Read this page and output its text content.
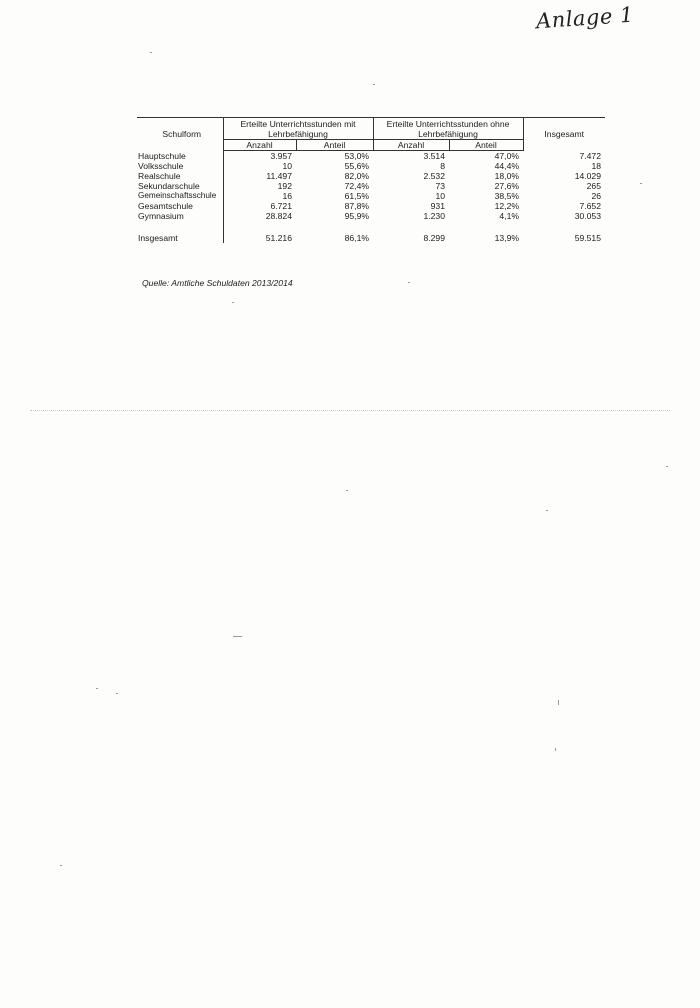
Anlage 1

Schulform	Erteilte Unterrichtsstunden mit Lehrbefähigung		Erteilte Unterrichtsstunden ohne Lehrbefähigung		Insgesamt
	Anzahl	Anteil	Anzahl	Anteil	
Hauptschule	3.957	53,0%	3.514	47,0%	7.472
Volksschule	10	55,6%	8	44,4%	18
Realschule	11.497	82,0%	2.532	18,0%	14.029
Sekundarschule	192	72,4%	73	27,6%	265
Gemeinschaftsschule	16	61,5%	10	38,5%	26
Gesamtschule	6.721	87,8%	931	12,2%	7.652
Gymnasium	28.824	95,9%	1.230	4,1%	30.053

Insgesamt	51.216	86,1%	8.299	13,9%	59.515
Quelle: Amtliche Schuldaten 2013/2014
